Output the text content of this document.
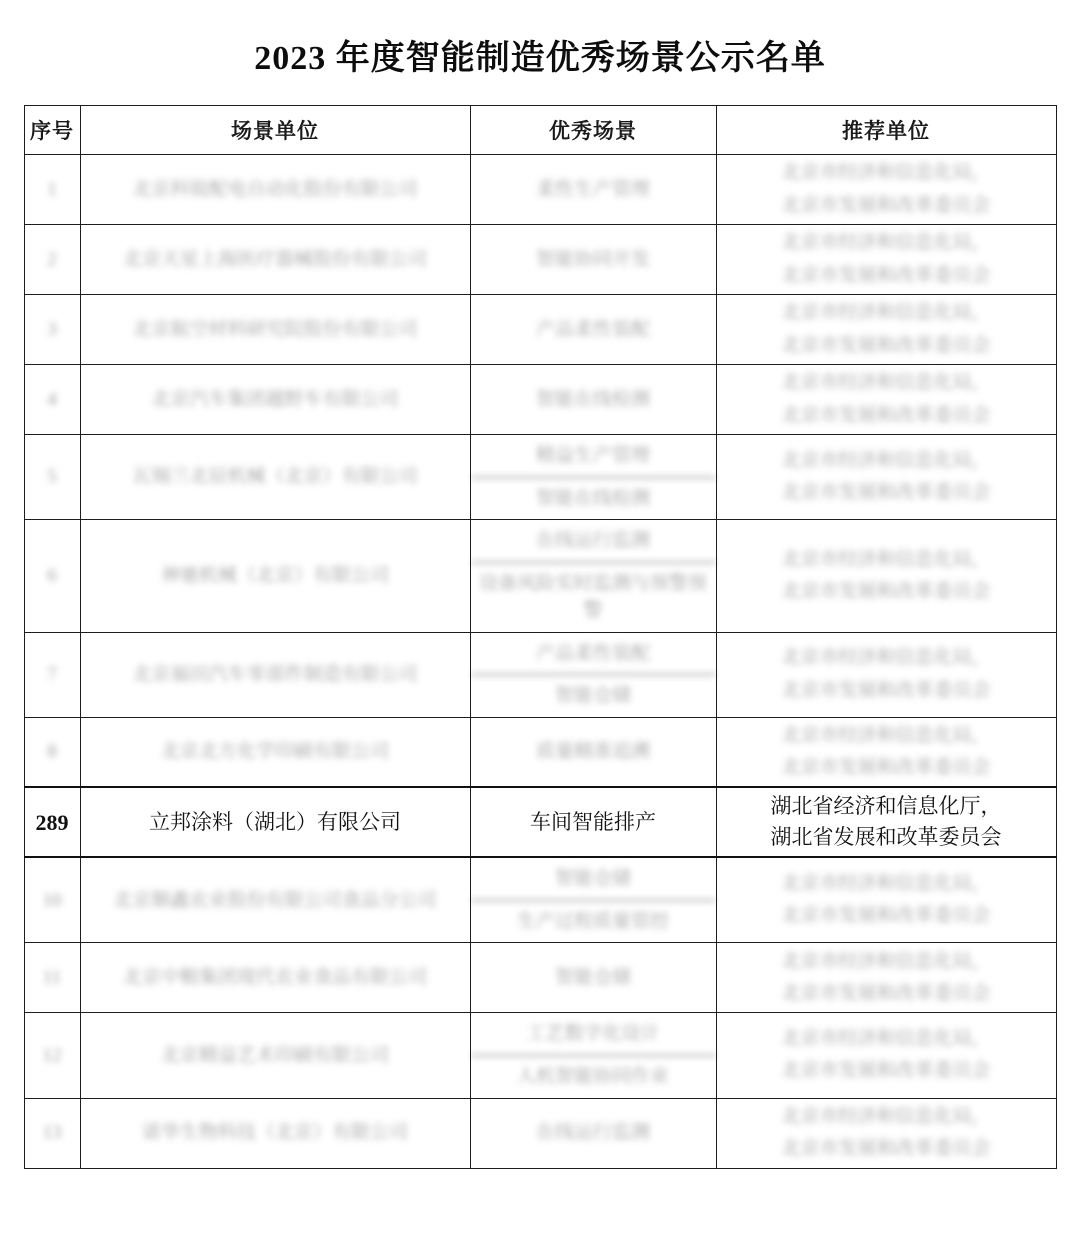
2023 年度智能制造优秀场景公示名单
序号	场景单位	优秀场景	推荐单位
1	北京科锐配电自动化股份有限公司	柔性生产管理	北京市经济和信息化局，
北京市发展和改革委员会

2	北京天星上海医疗器械股份有限公司	智能协同开发	北京市经济和信息化局，
北京市发展和改革委员会

3	北京航空材料研究院股份有限公司	产品柔性装配	北京市经济和信息化局，
北京市发展和改革委员会

4	北京汽车集团越野车有限公司	智能在线检测	北京市经济和信息化局，
北京市发展和改革委员会

5	瓦锡兰北辰机械（北京）有限公司	精益生产管理
智能在线检测	北京市经济和信息化局，
北京市发展和改革委员会

6	神驰机械（北京）有限公司	在线运行监测
设备风险实时监测与预警预警	北京市经济和信息化局，
北京市发展和改革委员会

7	北京福田汽车零部件制造有限公司	产品柔性装配
智能仓储	北京市经济和信息化局，
北京市发展和改革委员会

8	北京北方化学印刷有限公司	质量精准追溯	北京市经济和信息化局，
北京市发展和改革委员会

289	立邦涂料（湖北）有限公司	车间智能排产	湖北省经济和信息化厅，
湖北省发展和改革委员会

10	北京顺鑫农业股份有限公司食品分公司	智能仓储
生产过程质量管控	北京市经济和信息化局，
北京市发展和改革委员会

11	北京中粮集团现代农业食品有限公司	智能仓储	北京市经济和信息化局，
北京市发展和改革委员会

12	北京精益艺术印刷有限公司	工艺数字化设计
人机智能协同作业	北京市经济和信息化局，
北京市发展和改革委员会

13	诺华生物科技（北京）有限公司	在线运行监测	北京市经济和信息化局，
北京市发展和改革委员会
